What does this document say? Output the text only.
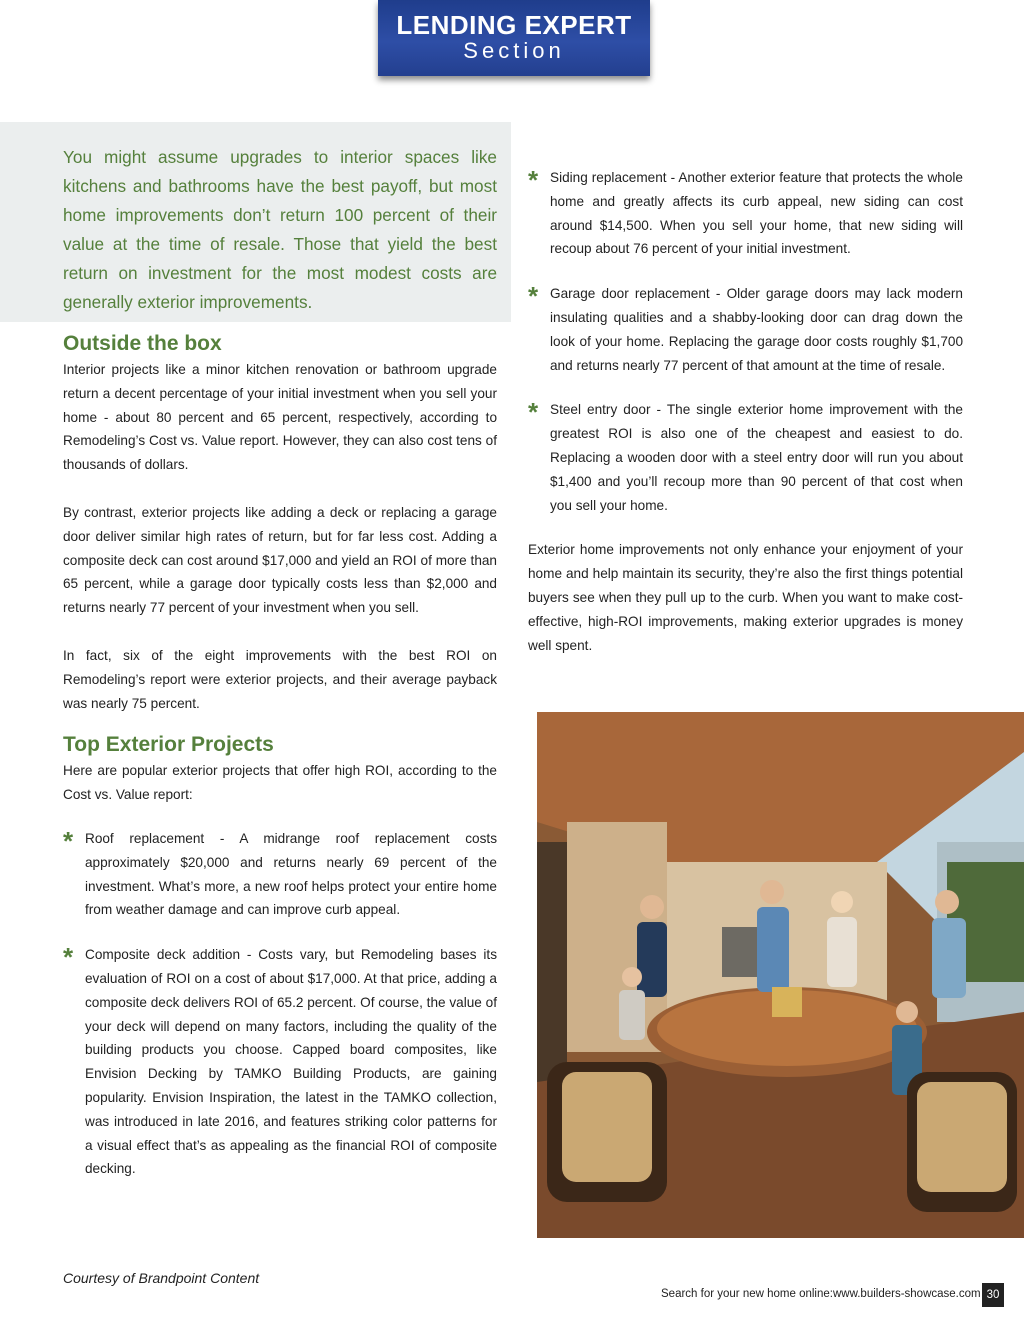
LENDING EXPERT
Section

You might assume upgrades to interior spaces like kitchens and bathrooms have the best payoff, but most home improvements don’t return 100 percent of their value at the time of resale. Those that yield the best return on investment for the most modest costs are generally exterior improvements.

Outside the box

Interior projects like a minor kitchen renovation or bathroom upgrade return a decent percentage of your initial investment when you sell your home - about 80 percent and 65 percent, respectively, according to Remodeling’s Cost vs. Value report. However, they can also cost tens of thousands of dollars.

By contrast, exterior projects like adding a deck or replacing a garage door deliver similar high rates of return, but for far less cost. Adding a composite deck can cost around $17,000 and yield an ROI of more than 65 percent, while a garage door typically costs less than $2,000 and returns nearly 77 percent of your investment when you sell.

In fact, six of the eight improvements with the best ROI on Remodeling’s report were exterior projects, and their average payback was nearly 75 percent.

Top Exterior Projects

Here are popular exterior projects that offer high ROI, according to the Cost vs. Value report:

* Roof replacement - A midrange roof replacement costs approximately $20,000 and returns nearly 69 percent of the investment. What’s more, a new roof helps protect your entire home from weather damage and can improve curb appeal.
* Composite deck addition - Costs vary, but Remodeling bases its evaluation of ROI on a cost of about $17,000. At that price, adding a composite deck delivers ROI of 65.2 percent. Of course, the value of your deck will depend on many factors, including the quality of the building products you choose. Capped board composites, like Envision Decking by TAMKO Building Products, are gaining popularity. Envision Inspiration, the latest in the TAMKO collection, was introduced in late 2016, and features striking color patterns for a visual effect that’s as appealing as the financial ROI of composite decking.
* Siding replacement - Another exterior feature that protects the whole home and greatly affects its curb appeal, new siding can cost around $14,500. When you sell your home, that new siding will recoup about 76 percent of your initial investment.
* Garage door replacement - Older garage doors may lack modern insulating qualities and a shabby-looking door can drag down the look of your home. Replacing the garage door costs roughly $1,700 and returns nearly 77 percent of that amount at the time of resale.
* Steel entry door - The single exterior home improvement with the greatest ROI is also one of the cheapest and easiest to do. Replacing a wooden door with a steel entry door will run you about $1,400 and you’ll recoup more than 90 percent of that cost when you sell your home.

Exterior home improvements not only enhance your enjoyment of your home and help maintain its security, they’re also the first things potential buyers see when they pull up to the curb. When you want to make cost-effective, high-ROI improvements, making exterior upgrades is money well spent.

Courtesy of Brandpoint Content
Search for your new home online:www.builders-showcase.com 30
